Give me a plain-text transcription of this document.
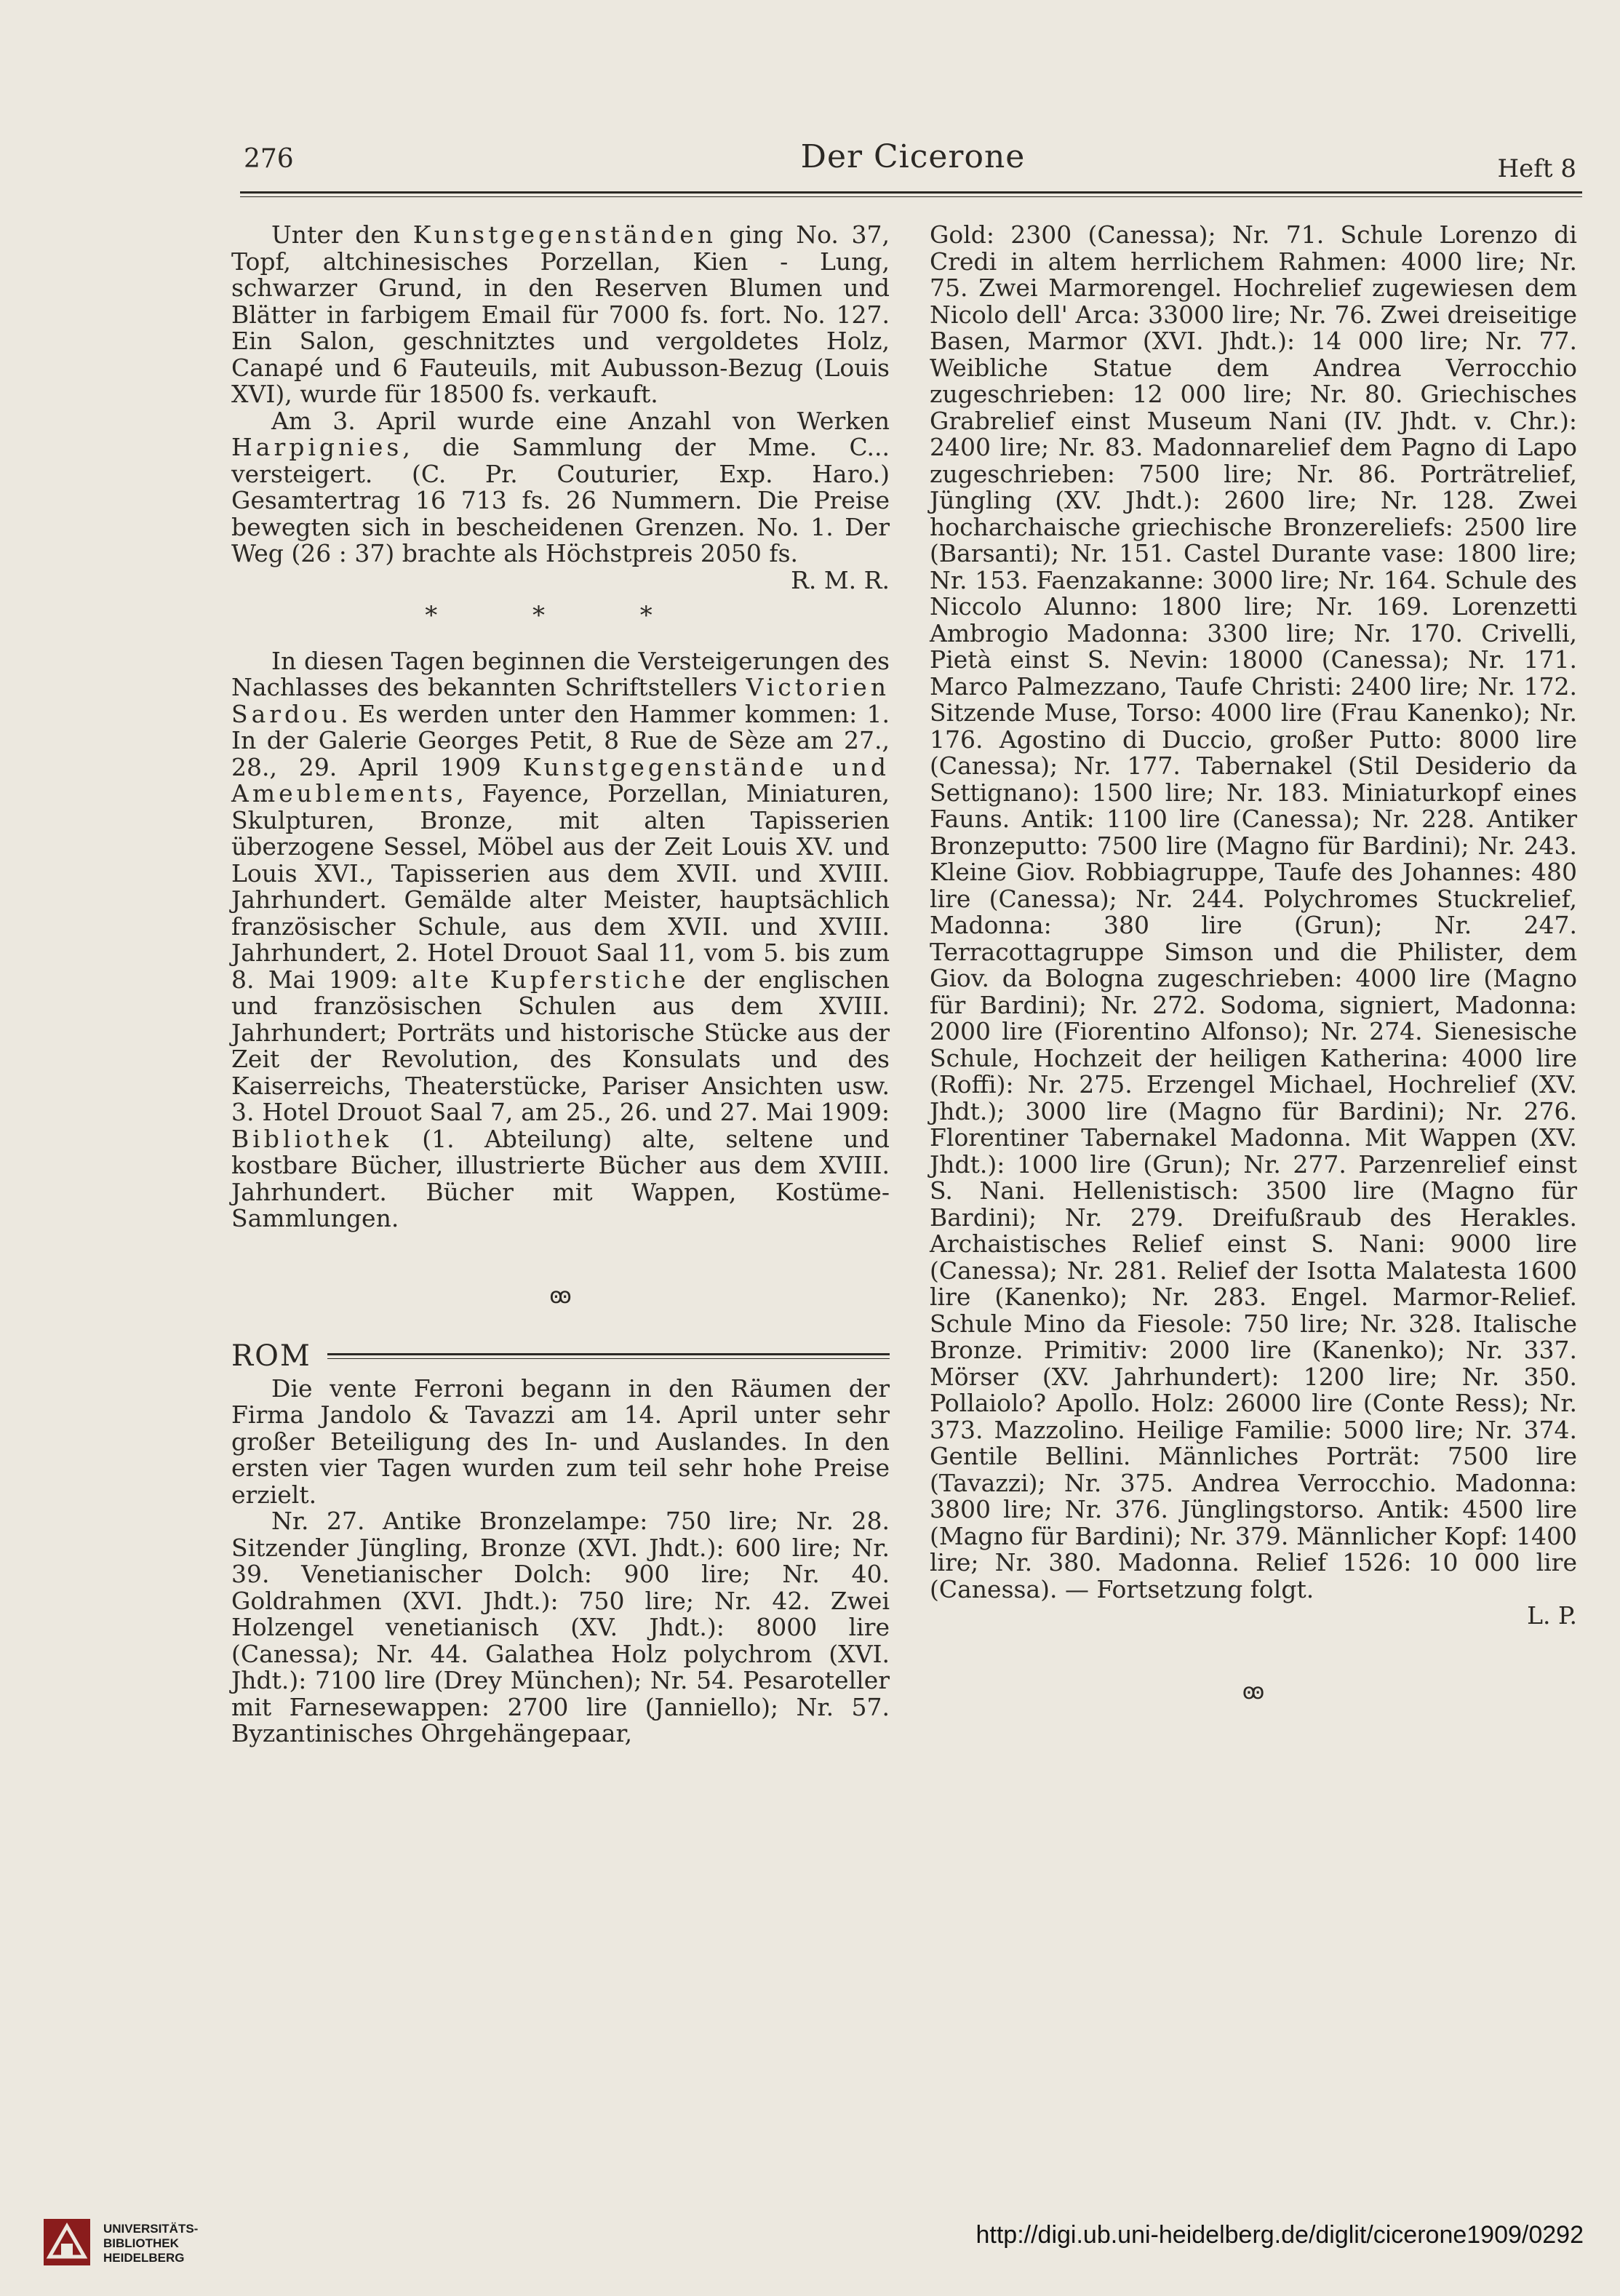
276	Der Cicerone	Heft 8

Unter den Kunstgegenständen ging No. 37, Topf, altchinesisches Porzellan, Kien - Lung, schwarzer Grund, in den Reserven Blumen und Blätter in farbigem Email für 7000 fs. fort. No. 127. Ein Salon, geschnitztes und vergoldetes Holz, Canapé und 6 Fauteuils, mit Aubusson-Bezug (Louis XVI), wurde für 18500 fs. verkauft.

Am 3. April wurde eine Anzahl von Werken Harpignies, die Sammlung der Mme. C... versteigert. (C. Pr. Couturier, Exp. Haro.) Gesamtertrag 16 713 fs. 26 Nummern. Die Preise bewegten sich in bescheidenen Grenzen. No. 1. Der Weg (26 : 37) brachte als Höchstpreis 2050 fs.

R. M. R.

* * *

In diesen Tagen beginnen die Versteigerungen des Nachlasses des bekannten Schriftstellers Victorien Sardou. Es werden unter den Hammer kommen: 1. In der Galerie Georges Petit, 8 Rue de Sèze am 27., 28., 29. April 1909 Kunstgegenstände und Ameublements, Fayence, Porzellan, Miniaturen, Skulpturen, Bronze, mit alten Tapisserien überzogene Sessel, Möbel aus der Zeit Louis XV. und Louis XVI., Tapisserien aus dem XVII. und XVIII. Jahrhundert. Gemälde alter Meister, hauptsächlich französischer Schule, aus dem XVII. und XVIII. Jahrhundert, 2. Hotel Drouot Saal 11, vom 5. bis zum 8. Mai 1909: alte Kupferstiche der englischen und französischen Schulen aus dem XVIII. Jahrhundert; Porträts und historische Stücke aus der Zeit der Revolution, des Konsulats und des Kaiserreichs, Theaterstücke, Pariser Ansichten usw. 3. Hotel Drouot Saal 7, am 25., 26. und 27. Mai 1909: Bibliothek (1. Abteilung) alte, seltene und kostbare Bücher, illustrierte Bücher aus dem XVIII. Jahrhundert. Bücher mit Wappen, Kostüme-Sammlungen.

ꙭ
ROM

Die vente Ferroni begann in den Räumen der Firma Jandolo & Tavazzi am 14. April unter sehr großer Beteiligung des In- und Auslandes. In den ersten vier Tagen wurden zum teil sehr hohe Preise erzielt.

Nr. 27. Antike Bronzelampe: 750 lire; Nr. 28. Sitzender Jüngling, Bronze (XVI. Jhdt.): 600 lire; Nr. 39. Venetianischer Dolch: 900 lire; Nr. 40. Goldrahmen (XVI. Jhdt.): 750 lire; Nr. 42. Zwei Holzengel venetianisch (XV. Jhdt.): 8000 lire (Canessa); Nr. 44. Galathea Holz polychrom (XVI. Jhdt.): 7100 lire (Drey München); Nr. 54. Pesaroteller mit Farnesewappen: 2700 lire (Janniello); Nr. 57. Byzantinisches Ohrgehängepaar,

Gold: 2300 (Canessa); Nr. 71. Schule Lorenzo di Credi in altem herrlichem Rahmen: 4000 lire; Nr. 75. Zwei Marmorengel. Hochrelief zugewiesen dem Nicolo dell' Arca: 33000 lire; Nr. 76. Zwei dreiseitige Basen, Marmor (XVI. Jhdt.): 14 000 lire; Nr. 77. Weibliche Statue dem Andrea Verrocchio zugeschrieben: 12 000 lire; Nr. 80. Griechisches Grabrelief einst Museum Nani (IV. Jhdt. v. Chr.): 2400 lire; Nr. 83. Madonnarelief dem Pagno di Lapo zugeschrieben: 7500 lire; Nr. 86. Porträtrelief, Jüngling (XV. Jhdt.): 2600 lire; Nr. 128. Zwei hocharchaische griechische Bronzereliefs: 2500 lire (Barsanti); Nr. 151. Castel Durante vase: 1800 lire; Nr. 153. Faenzakanne: 3000 lire; Nr. 164. Schule des Niccolo Alunno: 1800 lire; Nr. 169. Lorenzetti Ambrogio Madonna: 3300 lire; Nr. 170. Crivelli, Pietà einst S. Nevin: 18000 (Canessa); Nr. 171. Marco Palmezzano, Taufe Christi: 2400 lire; Nr. 172. Sitzende Muse, Torso: 4000 lire (Frau Kanenko); Nr. 176. Agostino di Duccio, großer Putto: 8000 lire (Canessa); Nr. 177. Tabernakel (Stil Desiderio da Settignano): 1500 lire; Nr. 183. Miniaturkopf eines Fauns. Antik: 1100 lire (Canessa); Nr. 228. Antiker Bronzeputto: 7500 lire (Magno für Bardini); Nr. 243. Kleine Giov. Robbiagruppe, Taufe des Johannes: 480 lire (Canessa); Nr. 244. Polychromes Stuckrelief, Madonna: 380 lire (Grun); Nr. 247. Terracottagruppe Simson und die Philister, dem Giov. da Bologna zugeschrieben: 4000 lire (Magno für Bardini); Nr. 272. Sodoma, signiert, Madonna: 2000 lire (Fiorentino Alfonso); Nr. 274. Sienesische Schule, Hochzeit der heiligen Katherina: 4000 lire (Roffi): Nr. 275. Erzengel Michael, Hochrelief (XV. Jhdt.); 3000 lire (Magno für Bardini); Nr. 276. Florentiner Tabernakel Madonna. Mit Wappen (XV. Jhdt.): 1000 lire (Grun); Nr. 277. Parzenrelief einst S. Nani. Hellenistisch: 3500 lire (Magno für Bardini); Nr. 279. Dreifußraub des Herakles. Archaistisches Relief einst S. Nani: 9000 lire (Canessa); Nr. 281. Relief der Isotta Malatesta 1600 lire (Kanenko); Nr. 283. Engel. Marmor-Relief. Schule Mino da Fiesole: 750 lire; Nr. 328. Italische Bronze. Primitiv: 2000 lire (Kanenko); Nr. 337. Mörser (XV. Jahrhundert): 1200 lire; Nr. 350. Pollaiolo? Apollo. Holz: 26000 lire (Conte Ress); Nr. 373. Mazzolino. Heilige Familie: 5000 lire; Nr. 374. Gentile Bellini. Männliches Porträt: 7500 lire (Tavazzi); Nr. 375. Andrea Verrocchio. Madonna: 3800 lire; Nr. 376. Jünglingstorso. Antik: 4500 lire (Magno für Bardini); Nr. 379. Männlicher Kopf: 1400 lire; Nr. 380. Madonna. Relief 1526: 10 000 lire (Canessa). — Fortsetzung folgt.

L. P.

ꙭ
UNIVERSITÄTS-
BIBLIOTHEK
HEIDELBERG
http://digi.ub.uni-heidelberg.de/diglit/cicerone1909/0292
